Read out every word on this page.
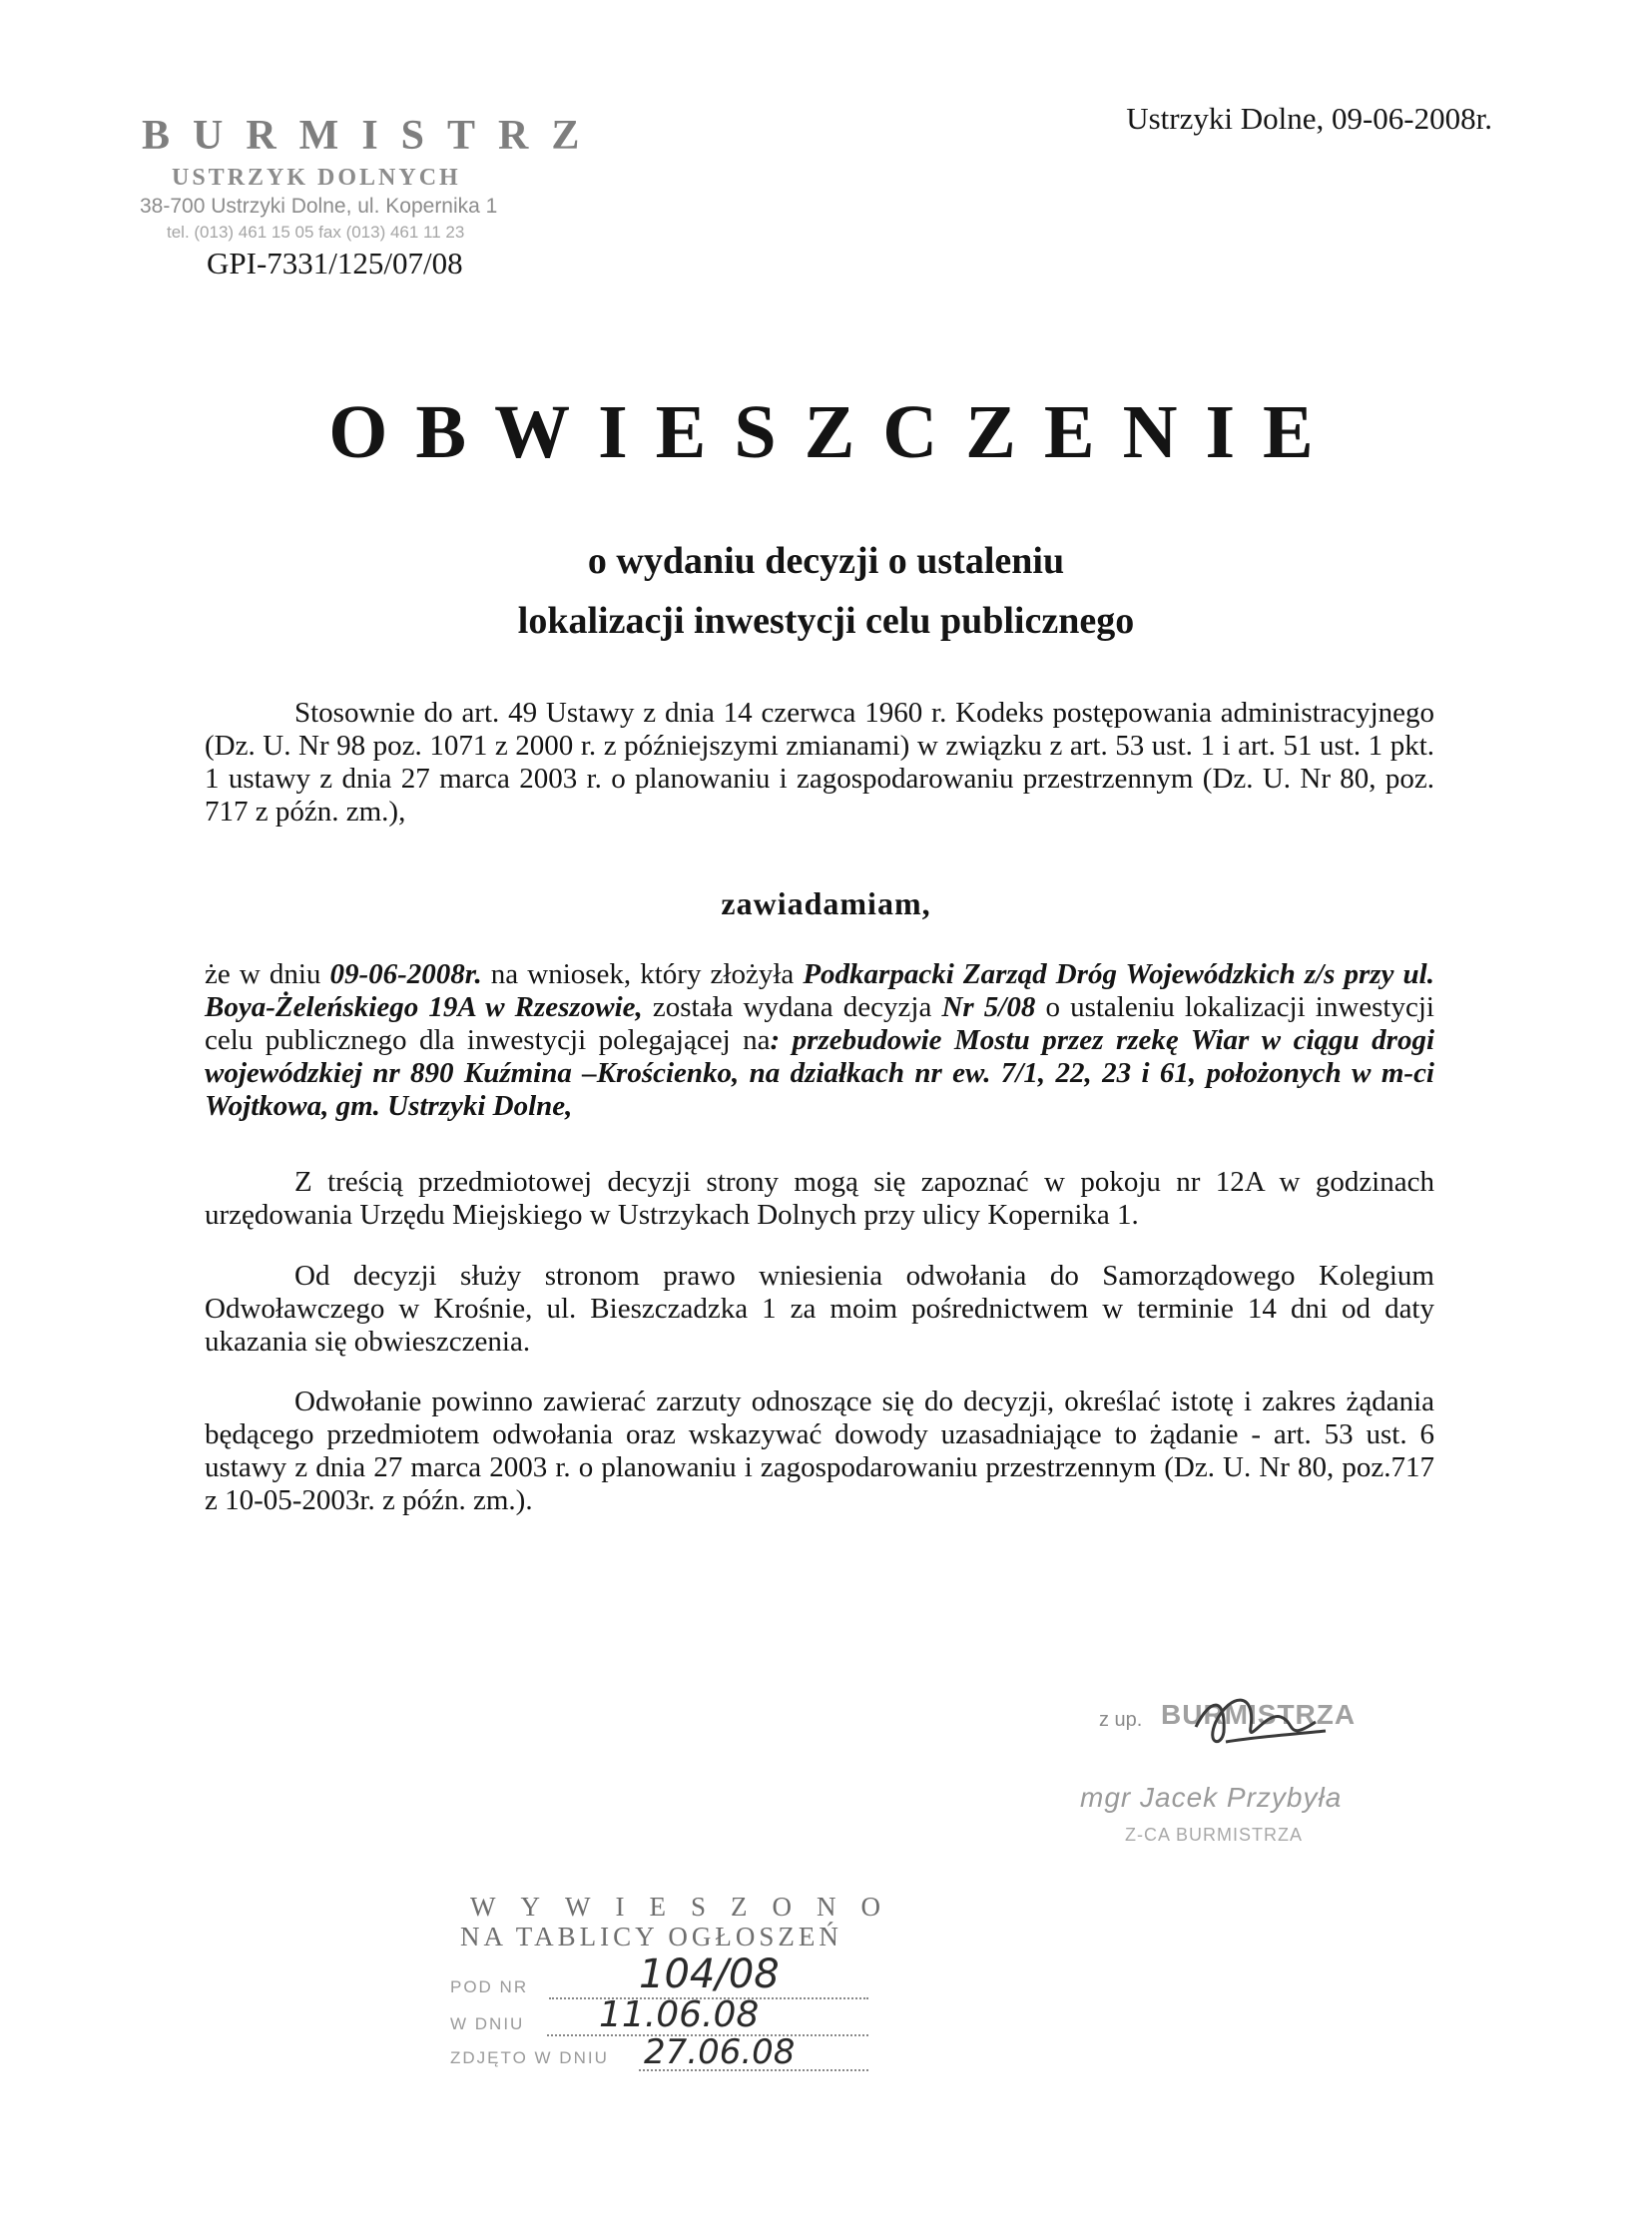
BURMISTRZ
USTRZYK DOLNYCH
38-700 Ustrzyki Dolne, ul. Kopernika 1
tel. (013) 461 15 05 fax (013) 461 11 23
GPI-7331/125/07/08
Ustrzyki Dolne, 09-06-2008r.
OBWIESZCZENIE
o wydaniu decyzji o ustaleniu
lokalizacji inwestycji celu publicznego
Stosownie do art. 49 Ustawy z dnia 14 czerwca 1960 r. Kodeks postępowania administracyjnego (Dz. U. Nr 98 poz. 1071 z 2000 r. z późniejszymi zmianami) w związku z art. 53 ust. 1 i art. 51 ust. 1 pkt. 1 ustawy z dnia 27 marca 2003 r. o planowaniu i zagospodarowaniu przestrzennym (Dz. U. Nr 80, poz. 717 z późn. zm.),
zawiadamiam,
że w dniu 09-06-2008r. na wniosek, który złożyła Podkarpacki Zarząd Dróg Wojewódzkich z/s przy ul. Boya-Żeleńskiego 19A w Rzeszowie, została wydana decyzja Nr 5/08 o ustaleniu lokalizacji inwestycji celu publicznego dla inwestycji polegającej na: przebudowie Mostu przez rzekę Wiar w ciągu drogi wojewódzkiej nr 890 Kuźmina –Krościenko, na działkach nr ew. 7/1, 22, 23 i 61, położonych w m-ci Wojtkowa, gm. Ustrzyki Dolne,
Z treścią przedmiotowej decyzji strony mogą się zapoznać w pokoju nr 12A w godzinach urzędowania Urzędu Miejskiego w Ustrzykach Dolnych przy ulicy Kopernika 1.
Od decyzji służy stronom prawo wniesienia odwołania do Samorządowego Kolegium Odwoławczego w Krośnie, ul. Bieszczadzka 1 za moim pośrednictwem w terminie 14 dni od daty ukazania się obwieszczenia.
Odwołanie powinno zawierać zarzuty odnoszące się do decyzji, określać istotę i zakres żądania będącego przedmiotem odwołania oraz wskazywać dowody uzasadniające to żądanie - art. 53 ust. 6 ustawy z dnia 27 marca 2003 r. o planowaniu i zagospodarowaniu przestrzennym (Dz. U. Nr 80, poz.717 z 10-05-2003r. z późn. zm.).
z up. BURMISTRZA
mgr Jacek Przybyła
Z-CA BURMISTRZA
WYWIESZONO
NA TABLICY OGŁOSZEŃ
POD NR	104/08
W DNIU 11.06.08
ZDJĘTO W DNIU 27.06.08
